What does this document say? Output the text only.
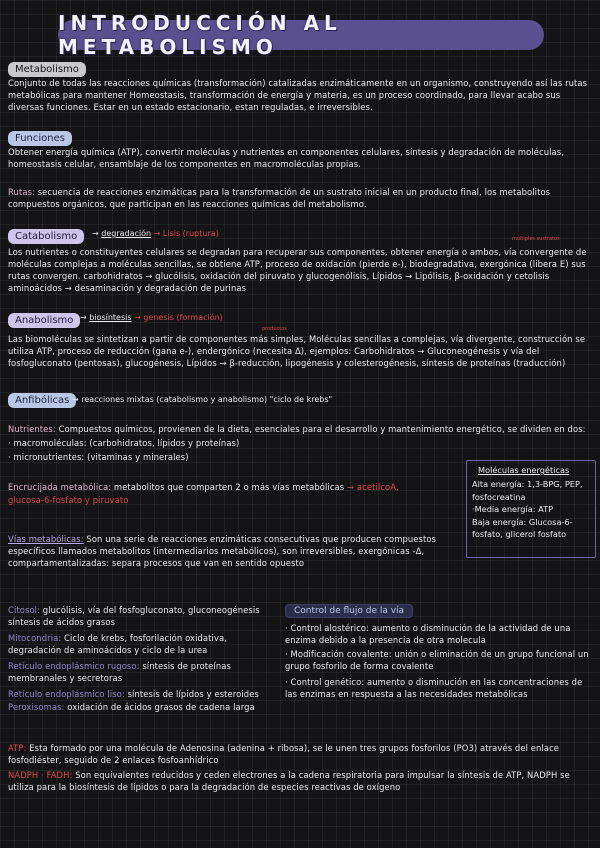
INTRODUCCIÓN AL METABOLISMO
Metabolismo
Conjunto de todas las reacciones químicas (transformación) catalizadas enzimáticamente en un organismo, construyendo así las rutas metabólicas para mantener Homeostasis, transformación de energía y materia, es un proceso coordinado, para llevar acabo sus diversas funciones. Estar en un estado estacionario, estan reguladas, e irreversibles.
Funciones
Obtener energía química (ATP), convertir moléculas y nutrientes en componentes celulares, síntesis y degradación de moléculas, homeostasis celular, ensamblaje de los componentes en macromoléculas propias.
Rutas: secuencia de reacciones enzimáticas para la transformación de un sustrato inicial en un producto final, los metabolitos compuestos orgánicos, que participan en las reacciones químicas del metabolismo.
Catabolismo	→ degradación → Lisis (ruptura)
múltiples sustratos
Los nutrientes o constituyentes celulares se degradan para recuperar sus componentes, obtener energía o ambos, vía convergente de moléculas complejas a moléculas sencillas, se obtiene ATP, proceso de oxidación (pierde e-), biodegradativa, exergónica (libera E) sus rutas convergen. carbohidratos → glucólisis, oxidación del piruvato y glucogenólisis, Lípidos → Lipólisis, β-oxidación y cetolisis aminoácidos → desaminación y degradación de purinas
Anabolismo → biosíntesis → genesis (formación)
productos
Las biomoléculas se sintetizan a partir de componentes más simples, Moléculas sencillas a complejas, vía divergente, construcción se utiliza ATP, proceso de reducción (gana e-), endergónico (necesita Δ), ejemplos: Carbohidratos → Gluconeogénesis y vía del fosfogluconato (pentosas), glucogénesis, Lípidos → β-reducción, lipogénesis y colesterogénesis, síntesis de proteínas (traducción)
Anfibólicas → reacciones mixtas (catabolismo y anabolismo) "ciclo de krebs"
Nutrientes: Compuestos químicos, provienen de la dieta, esenciales para el desarrollo y mantenimiento energético, se dividen en dos:
· macromoléculas: (carbohidratos, lípidos y proteínas)
· micronutrientes: (vitaminas y minerales)
Encrucijada metabólica: metabolitos que comparten 2 o más vías metabólicas → acetilcoA,
glucosa-6-fosfato y piruvato
Moléculas energéticas
Alta energía: 1,3-BPG, PEP, fosfocreatina
·Media energía: ATP
Baja energía: Glucosa-6-fosfato, glicerol fosfato
Vías metabólicas: Son una serie de reacciones enzimáticas consecutivas que producen compuestos específicos llamados metabolitos (intermediarios metabólicos), son irreversibles, exergónicas -Δ, compartamentalizadas: separa procesos que van en sentido opuesto
Citosol: glucólisis, vía del fosfogluconato, gluconeogénesis síntesis de ácidos grasos
Mitocondria: Ciclo de krebs, fosforilación oxidativa, degradación de aminoácidos y ciclo de la urea
Retículo endoplásmico rugoso: síntesis de proteínas membranales y secretoras
Retículo endoplásmico liso: síntesis de lípidos y esteroides
Peroxisomas: oxidación de ácidos grasos de cadena larga
Control de flujo de la vía
· Control alostérico: aumento o disminución de la actividad de una enzima debido a la presencia de otra molecula
· Modificación covalente: unión o eliminación de un grupo funcional un grupo fosforilo de forma covalente
· Control genético: aumento o disminución en las concentraciones de las enzimas en respuesta a las necesidades metabólicas
ATP: Esta formado por una molécula de Adenosina (adenina + ribosa), se le unen tres grupos fosforilos (PO3) através del enlace fosfodiéster, seguido de 2 enlaces fosfoanhídrico
NADPH · FADH: Son equivalentes reducidos y ceden electrones a la cadena respiratoria para impulsar la síntesis de ATP, NADPH se utiliza para la biosíntesis de lípidos o para la degradación de especies reactivas de oxígeno
